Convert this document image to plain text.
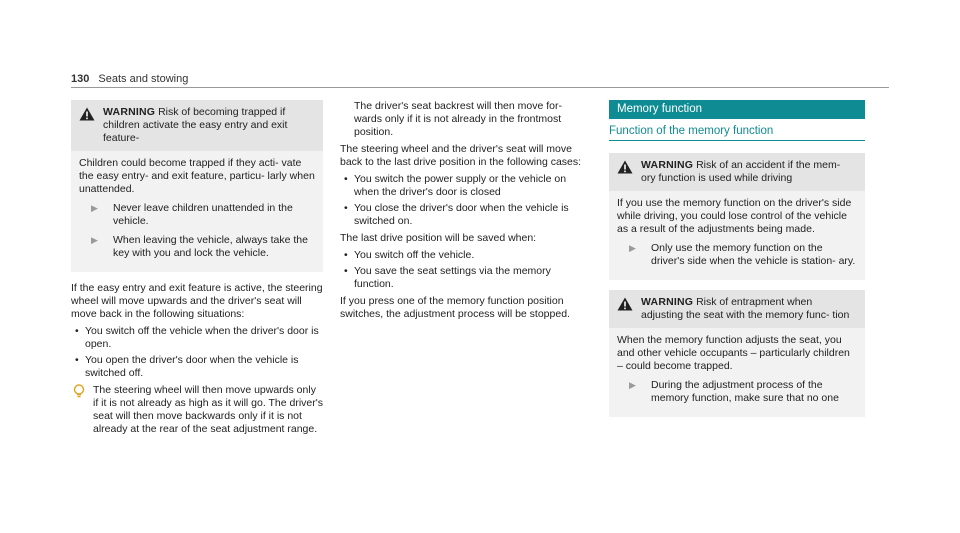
130 Seats and stowing
WARNING Risk of becoming trapped if children activate the easy entry and exit feature-

Children could become trapped if they acti- vate the easy entry- and exit feature, particu- larly when unattended.

▶	Never leave children unattended in the vehicle.
▶	When leaving the vehicle, always take the key with you and lock the vehicle.

If the easy entry and exit feature is active, the steering wheel will move upwards and the driver's seat will move back in the following situations:

• You switch off the vehicle when the driver's door is open.
• You open the driver's door when the vehicle is switched off.
The steering wheel will then move upwards only if it is not already as high as it will go. The driver's seat will then move backwards only if it is not already at the rear of the seat adjustment range.

The driver's seat backrest will then move for- wards only if it is not already in the frontmost position.

The steering wheel and the driver's seat will move back to the last drive position in the following cases:

• You switch the power supply or the vehicle on when the driver's door is closed
• You close the driver's door when the vehicle is switched on.

The last drive position will be saved when:

• You switch off the vehicle.
• You save the seat settings via the memory function.

If you press one of the memory function position switches, the adjustment process will be stopped.

Memory function
Function of the memory function
WARNING Risk of an accident if the mem- ory function is used while driving

If you use the memory function on the driver's side while driving, you could lose control of the vehicle as a result of the adjustments being made.

▶	Only use the memory function on the driver's side when the vehicle is station- ary.
WARNING Risk of entrapment when adjusting the seat with the memory func- tion

When the memory function adjusts the seat, you and other vehicle occupants – particularly children – could become trapped.

▶	During the adjustment process of the memory function, make sure that no one
